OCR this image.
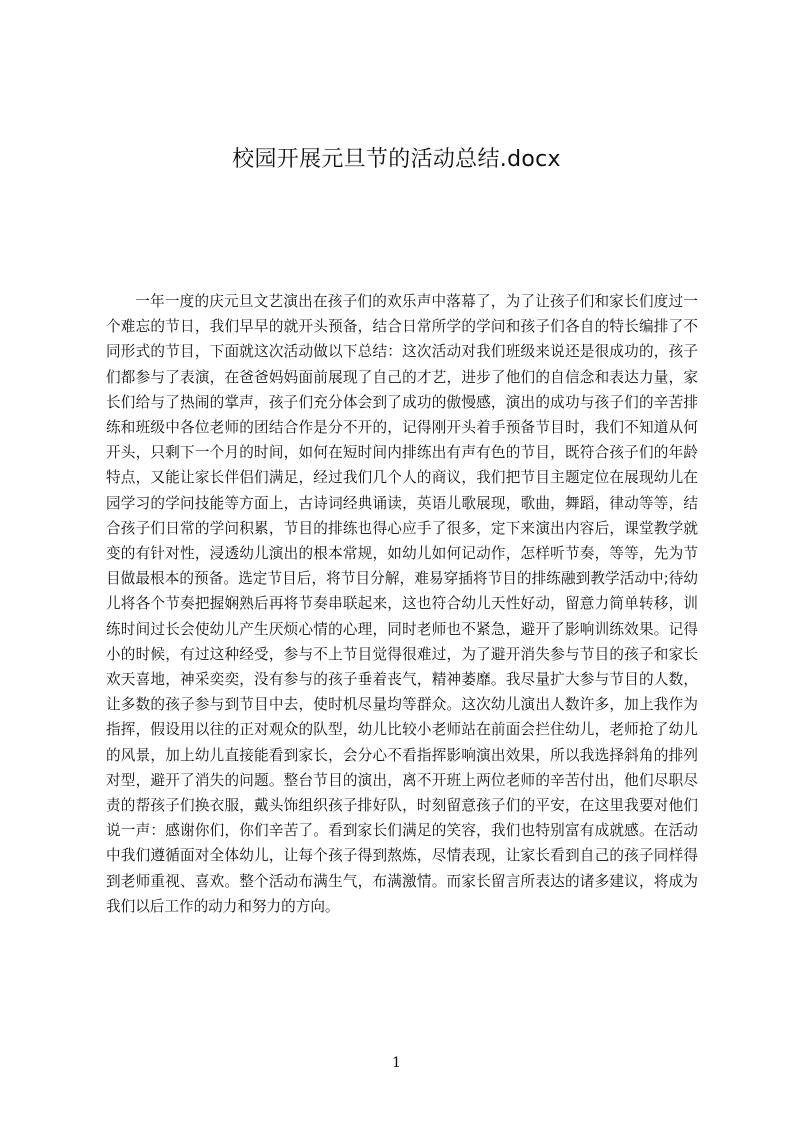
校园开展元旦节的活动总结.docx

一年一度的庆元旦文艺演出在孩子们的欢乐声中落幕了，为了让孩子们和家长们度过一个难忘的节日，我们早早的就开头预备，结合日常所学的学问和孩子们各自的特长编排了不同形式的节目，下面就这次活动做以下总结：这次活动对我们班级来说还是很成功的，孩子们都参与了表演，在爸爸妈妈面前展现了自己的才艺，进步了他们的自信念和表达力量，家长们给与了热闹的掌声，孩子们充分体会到了成功的傲慢感，演出的成功与孩子们的辛苦排练和班级中各位老师的团结合作是分不开的，记得刚开头着手预备节目时，我们不知道从何开头，只剩下一个月的时间，如何在短时间内排练出有声有色的节目，既符合孩子们的年龄特点，又能让家长伴侣们满足，经过我们几个人的商议，我们把节目主题定位在展现幼儿在园学习的学问技能等方面上，古诗词经典诵读，英语儿歌展现，歌曲，舞蹈，律动等等，结合孩子们日常的学问积累，节目的排练也得心应手了很多，定下来演出内容后，课堂教学就变的有针对性，浸透幼儿演出的根本常规，如幼儿如何记动作，怎样听节奏，等等，先为节目做最根本的预备。选定节目后，将节目分解，难易穿插将节目的排练融到教学活动中;待幼儿将各个节奏把握娴熟后再将节奏串联起来，这也符合幼儿天性好动，留意力简单转移，训练时间过长会使幼儿产生厌烦心情的心理，同时老师也不紧急，避开了影响训练效果。记得小的时候，有过这种经受，参与不上节目觉得很难过，为了避开消失参与节目的孩子和家长欢天喜地，神采奕奕，没有参与的孩子垂着丧气，精神萎靡。我尽量扩大参与节目的人数，让多数的孩子参与到节目中去，使时机尽量均等群众。这次幼儿演出人数许多，加上我作为指挥，假设用以往的正对观众的队型，幼儿比较小老师站在前面会拦住幼儿，老师抢了幼儿的风景，加上幼儿直接能看到家长，会分心不看指挥影响演出效果，所以我选择斜角的排列对型，避开了消失的问题。整台节目的演出，离不开班上两位老师的辛苦付出，他们尽职尽责的帮孩子们换衣服，戴头饰组织孩子排好队，时刻留意孩子们的平安，在这里我要对他们说一声：感谢你们，你们辛苦了。看到家长们满足的笑容，我们也特别富有成就感。在活动中我们遵循面对全体幼儿，让每个孩子得到熬炼，尽情表现，让家长看到自己的孩子同样得到老师重视、喜欢。整个活动布满生气，布满激情。而家长留言所表达的诸多建议，将成为我们以后工作的动力和努力的方向。

1
